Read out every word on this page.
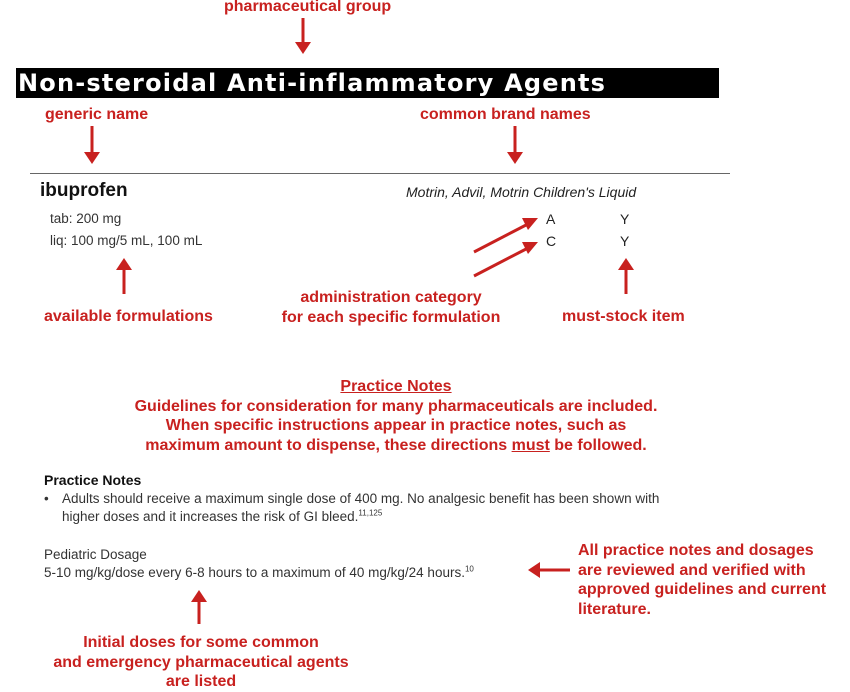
pharmaceutical group
Non-steroidal Anti-inflammatory Agents
generic name	common brand names
ibuprofen	Motrin, Advil, Motrin Children's Liquid
tab: 200 mg	A	Y
liq: 100 mg/5 mL, 100 mL	C	Y
available formulations
administration category
for each specific formulation	must-stock item
Practice Notes
Guidelines for consideration for many pharmaceuticals are included.
When specific instructions appear in practice notes, such as
maximum amount to dispense, these directions must be followed.
Practice Notes
• Adults should receive a maximum single dose of 400 mg. No analgesic benefit has been shown with
higher doses and it increases the risk of GI bleed.$^{11,125}$
Pediatric Dosage
5-10 mg/kg/dose every 6-8 hours to a maximum of 40 mg/kg/24 hours.$^{10}$
All practice notes and dosages
are reviewed and verified with
approved guidelines and current
literature.
Initial doses for some common
and emergency pharmaceutical agents
are listed
